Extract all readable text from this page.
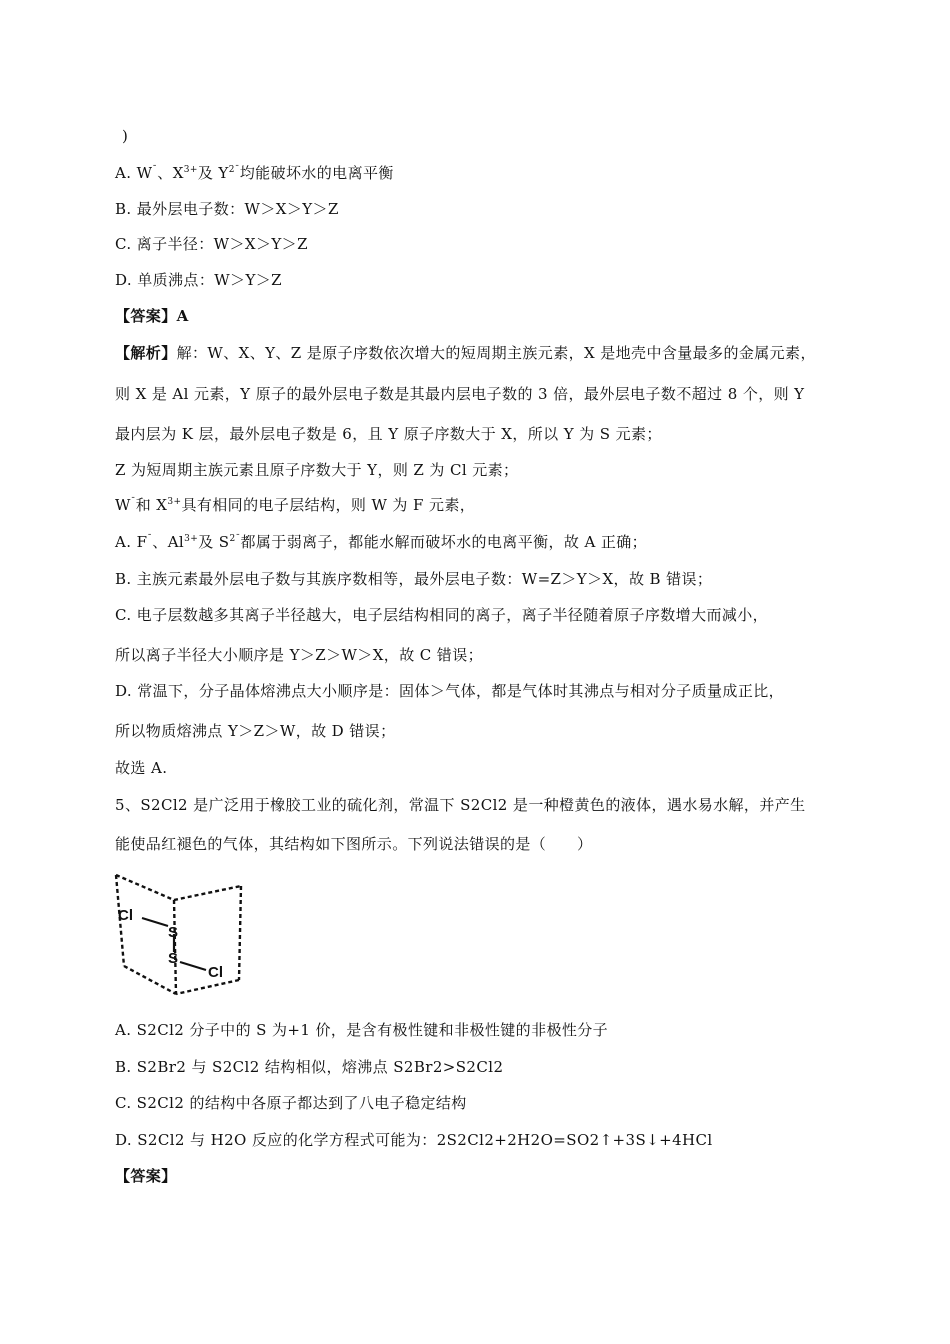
)
A. $W^ˉ$、$X^{3+}$及 $Y^{2ˉ}$均能破坏水的电离平衡
B. 最外层电子数：W＞X＞Y＞Z
C. 离子半径：W＞X＞Y＞Z
D. 单质沸点：W＞Y＞Z
【答案】A
【解析】解：W、X、Y、Z 是原子序数依次增大的短周期主族元素，X 是地壳中含量最多的金属元素，
则 X 是 Al 元素，Y 原子的最外层电子数是其最内层电子数的 3 倍，最外层电子数不超过 8 个，则 Y
最内层为 K 层，最外层电子数是 6，且 Y 原子序数大于 X，所以 Y 为 S 元素；
Z 为短周期主族元素且原子序数大于 Y，则 Z 为 Cl 元素；
$W^ˉ$和 $X^{3+}$具有相同的电子层结构，则 W 为 F 元素，
A. $F^ˉ$、$Al^{3+}$及 $S^{2ˉ}$都属于弱离子，都能水解而破坏水的电离平衡，故 A 正确；
B. 主族元素最外层电子数与其族序数相等，最外层电子数：W=Z＞Y＞X，故 B 错误；
C. 电子层数越多其离子半径越大，电子层结构相同的离子，离子半径随着原子序数增大而减小，
所以离子半径大小顺序是 Y＞Z＞W＞X，故 C 错误；
D. 常温下，分子晶体熔沸点大小顺序是：固体＞气体，都是气体时其沸点与相对分子质量成正比，
所以物质熔沸点 Y＞Z＞W，故 D 错误；
故选 A.
5、S2Cl2 是广泛用于橡胶工业的硫化剂，常温下 S2Cl2 是一种橙黄色的液体，遇水易水解，并产生
能使品红褪色的气体，其结构如下图所示。下列说法错误的是（　　）
Cl
S
S
Cl
A. S2Cl2 分子中的 S 为+1 价，是含有极性键和非极性键的非极性分子
B. S2Br2 与 S2Cl2 结构相似，熔沸点 S2Br2>S2Cl2
C. S2Cl2 的结构中各原子都达到了八电子稳定结构
D. S2Cl2 与 H2O 反应的化学方程式可能为：2S2Cl2+2H2O=SO2↑+3S↓+4HCl
【答案】
